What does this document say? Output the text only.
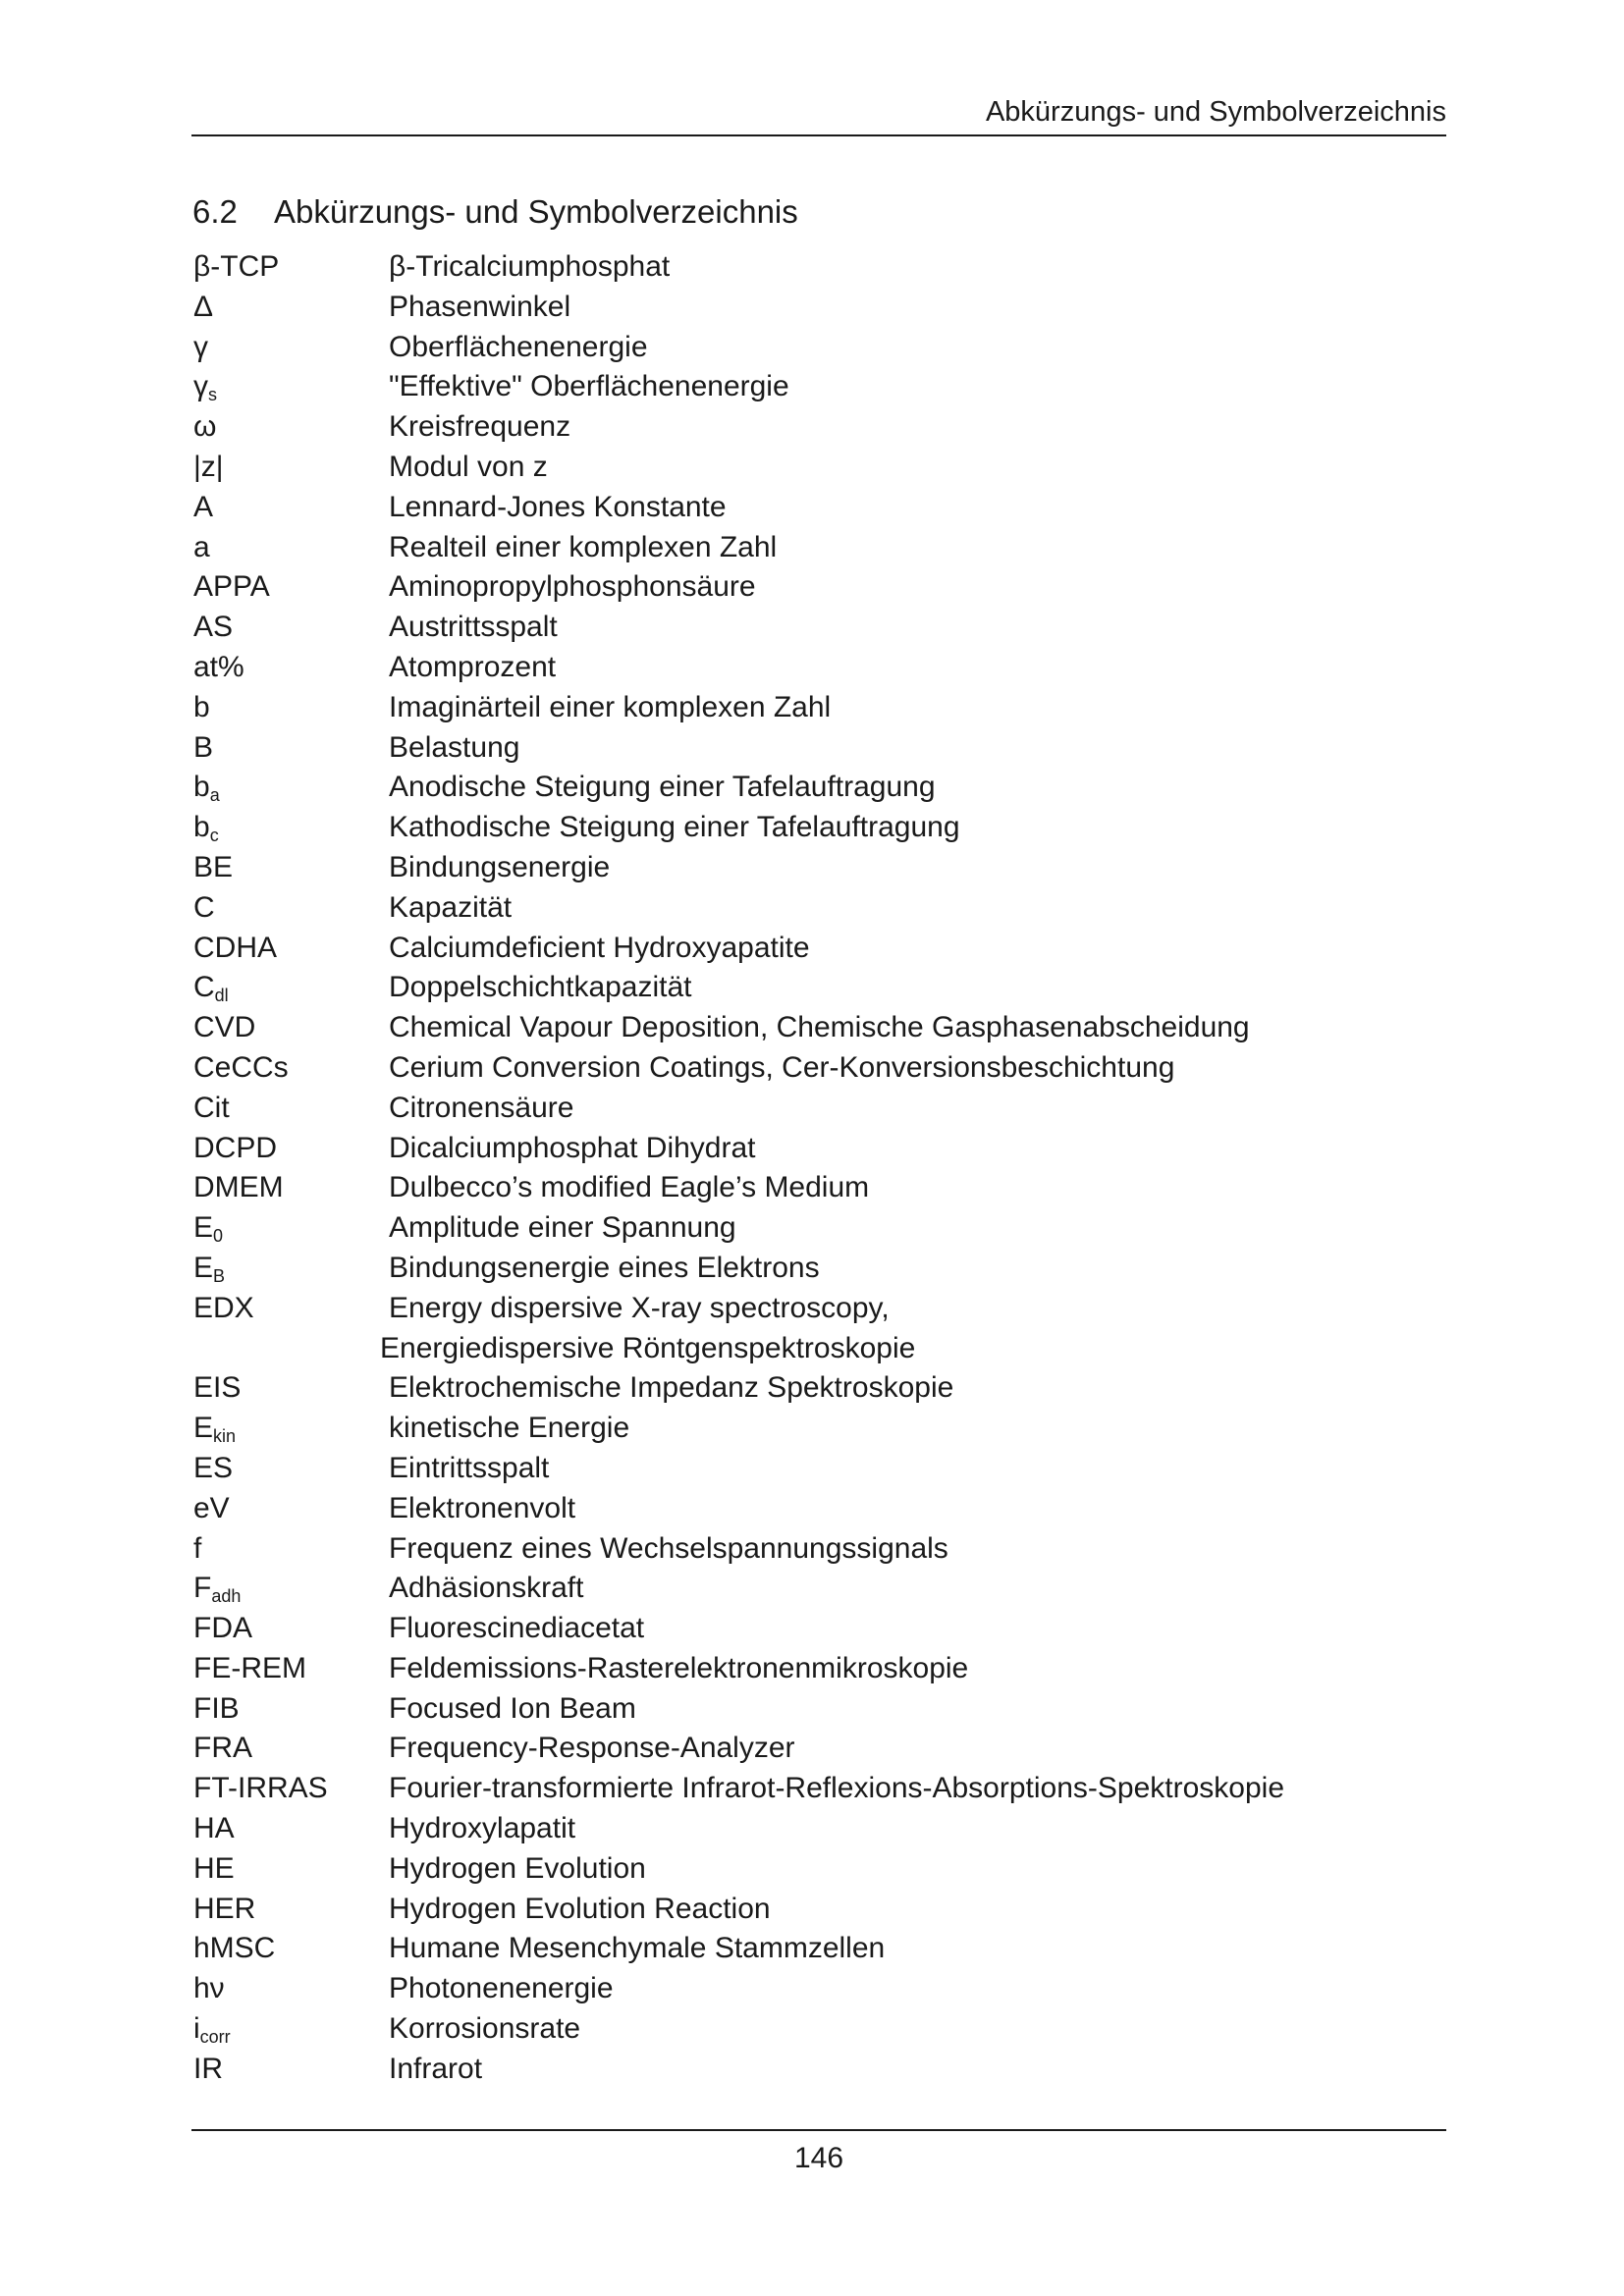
Abkürzungs- und Symbolverzeichnis
6.2 Abkürzungs- und Symbolverzeichnis
β-TCP	β-Tricalciumphosphat
Δ	Phasenwinkel
γ	Oberflächenenergie
$\gamma_s$	"Effektive" Oberflächenenergie
ω	Kreisfrequenz
|z|	Modul von z
A	Lennard-Jones Konstante
a	Realteil einer komplexen Zahl
APPA	Aminopropylphosphonsäure
AS	Austrittsspalt
at%	Atomprozent
b	Imaginärteil einer komplexen Zahl
B	Belastung
$b_a$	Anodische Steigung einer Tafelauftragung
$b_c$	Kathodische Steigung einer Tafelauftragung
BE	Bindungsenergie
C	Kapazität
CDHA	Calciumdeficient Hydroxyapatite
$C_{dl}$	Doppelschichtkapazität
CVD	Chemical Vapour Deposition, Chemische Gasphasenabscheidung
CeCCs	Cerium Conversion Coatings, Cer-Konversionsbeschichtung
Cit	Citronensäure
DCPD	Dicalciumphosphat Dihydrat
DMEM	Dulbecco’s modified Eagle’s Medium
$E_0$	Amplitude einer Spannung
$E_B$	Bindungsenergie eines Elektrons
EDX	Energy dispersive X-ray spectroscopy,
Energiedispersive Röntgenspektroskopie
EIS	Elektrochemische Impedanz Spektroskopie
$E_{kin}$	kinetische Energie
ES	Eintrittsspalt
eV	Elektronenvolt
f	Frequenz eines Wechselspannungssignals
$F_{adh}$	Adhäsionskraft
FDA	Fluorescinediacetat
FE-REM	Feldemissions-Rasterelektronenmikroskopie
FIB	Focused Ion Beam
FRA	Frequency-Response-Analyzer
FT-IRRAS	Fourier-transformierte Infrarot-Reflexions-Absorptions-Spektroskopie
HA	Hydroxylapatit
HE	Hydrogen Evolution
HER	Hydrogen Evolution Reaction
hMSC	Humane Mesenchymale Stammzellen
hν	Photonenenergie
$i_{corr}$	Korrosionsrate
IR	Infrarot
146
